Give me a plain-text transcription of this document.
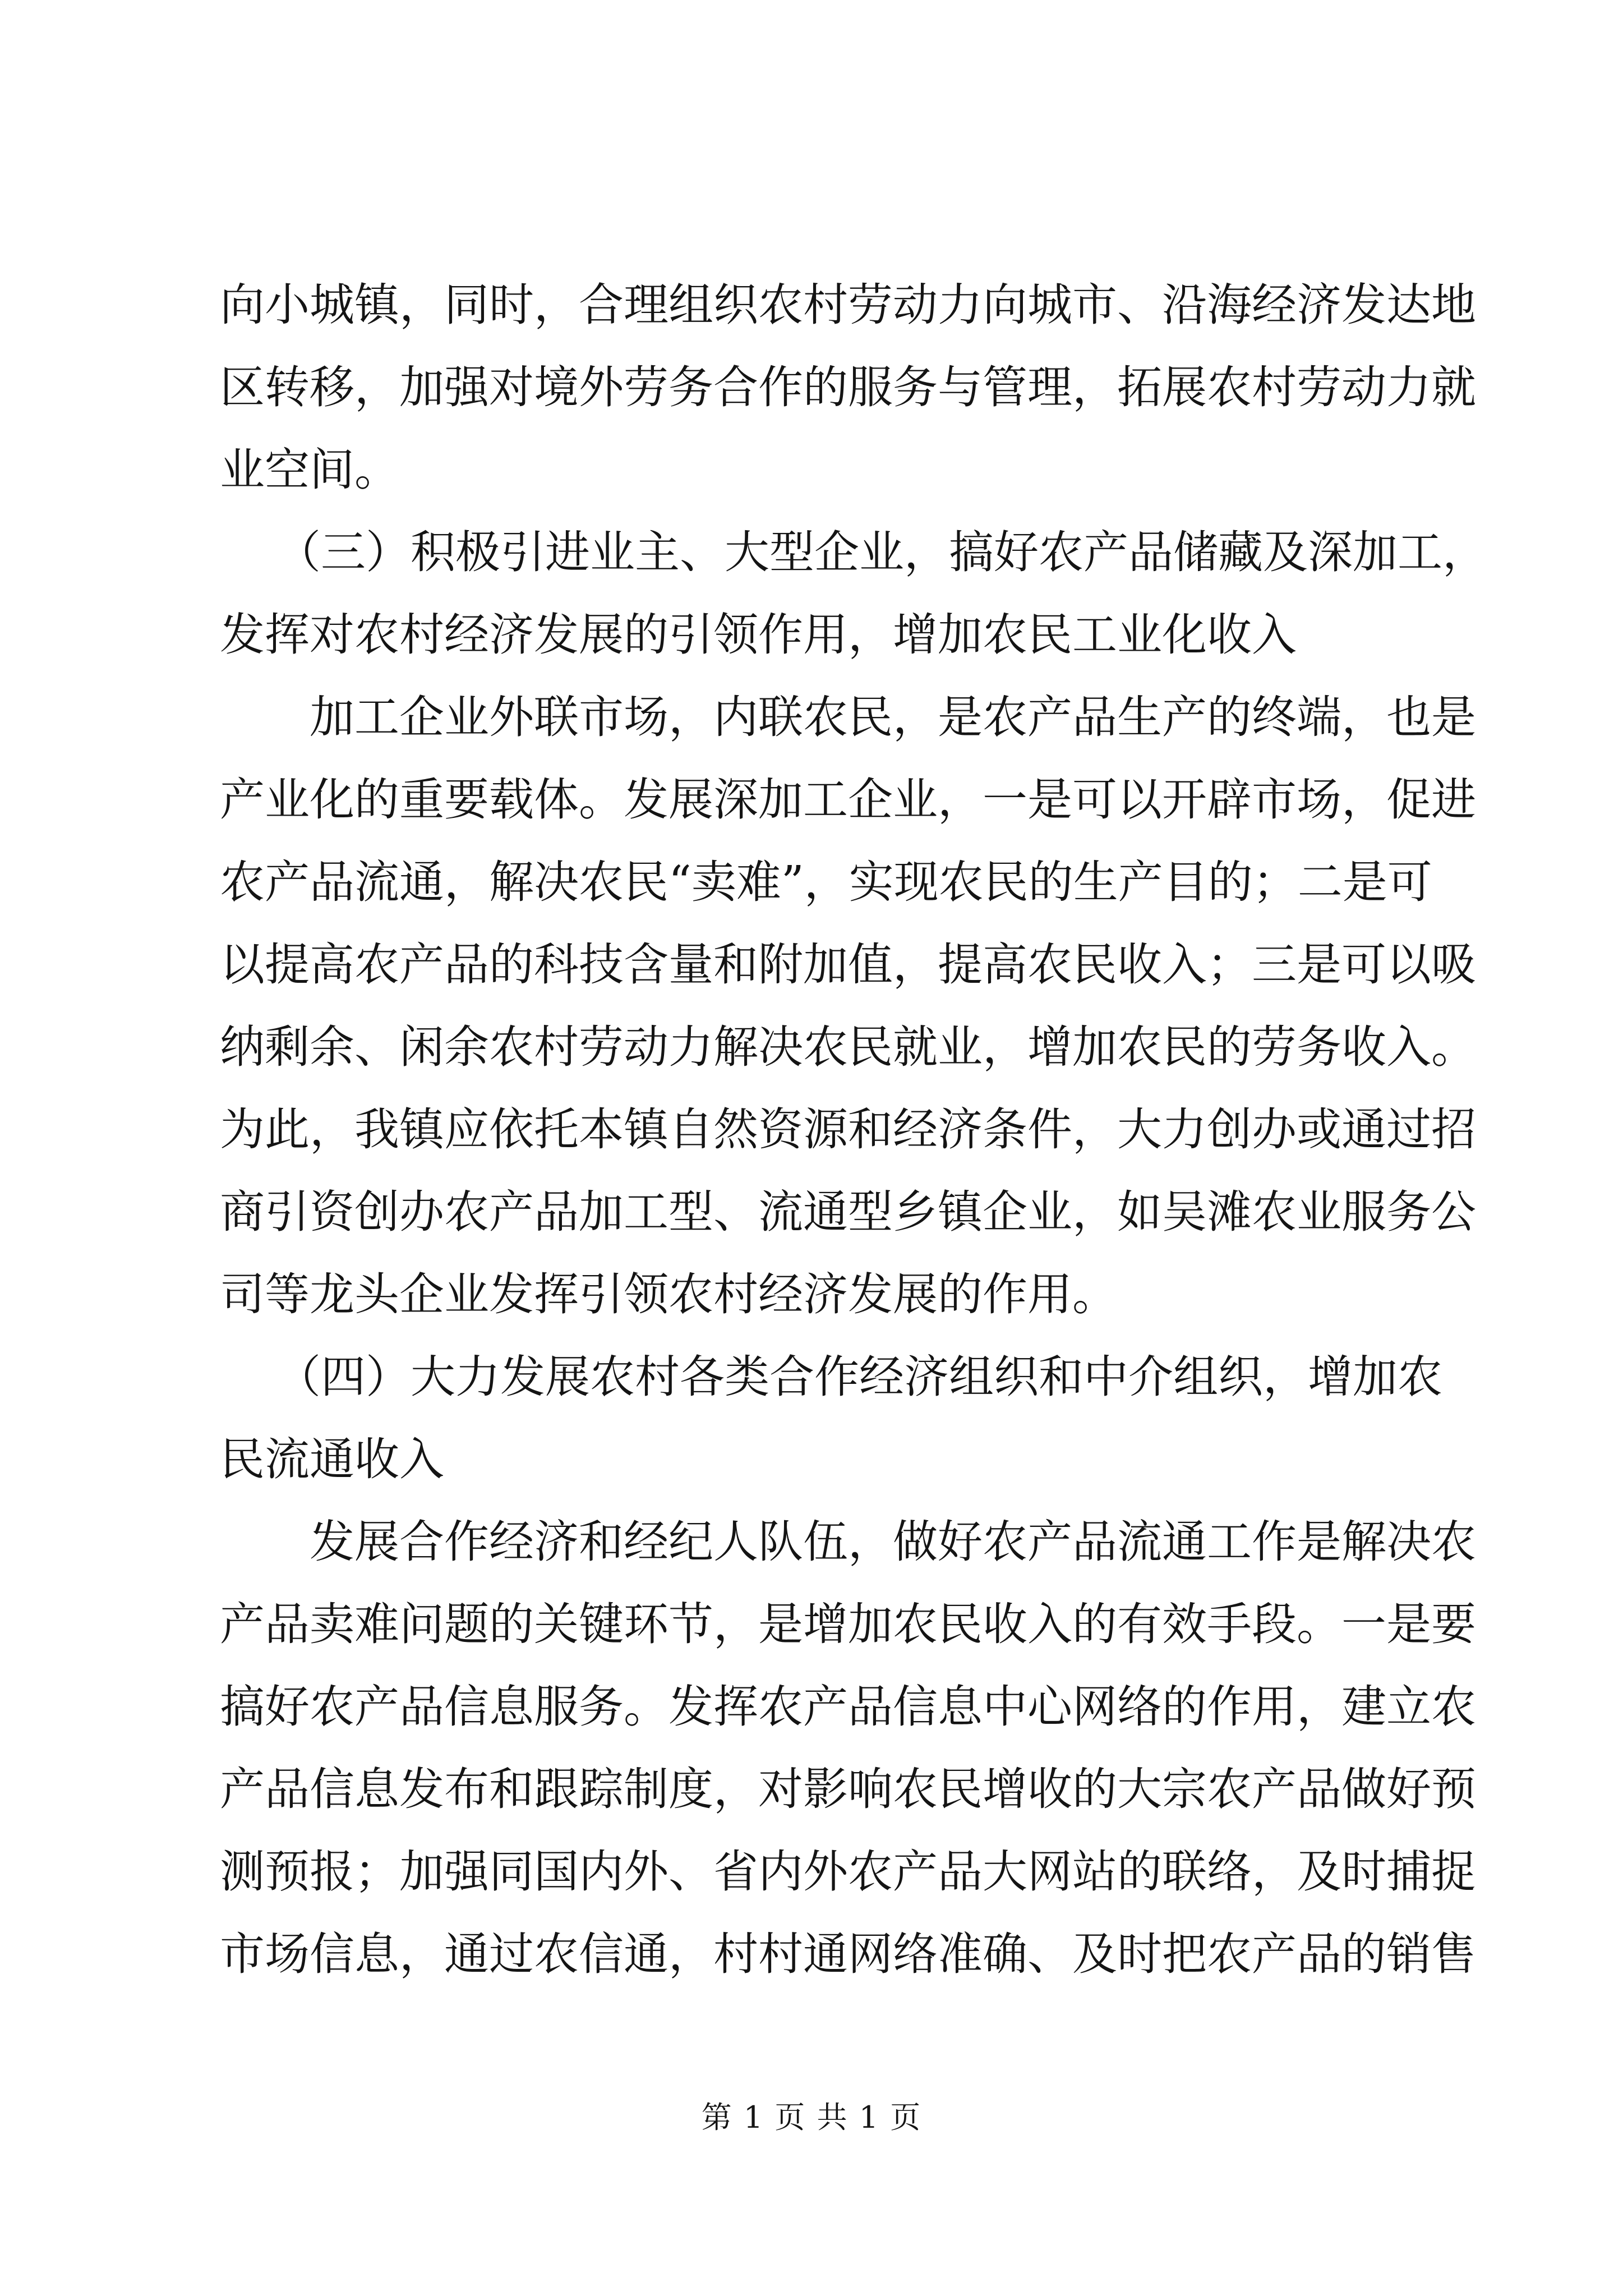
向小城镇，同时，合理组织农村劳动力向城市、沿海经济发达地
区转移，加强对境外劳务合作的服务与管理，拓展农村劳动力就
业空间。
（三）积极引进业主、大型企业，搞好农产品储藏及深加工，
发挥对农村经济发展的引领作用，增加农民工业化收入
加工企业外联市场，内联农民，是农产品生产的终端，也是
产业化的重要载体。发展深加工企业，一是可以开辟市场，促进
农产品流通，解决农民“卖难”，实现农民的生产目的；二是可
以提高农产品的科技含量和附加值，提高农民收入；三是可以吸
纳剩余、闲余农村劳动力解决农民就业，增加农民的劳务收入。
为此，我镇应依托本镇自然资源和经济条件，大力创办或通过招
商引资创办农产品加工型、流通型乡镇企业，如吴滩农业服务公
司等龙头企业发挥引领农村经济发展的作用。
（四）大力发展农村各类合作经济组织和中介组织，增加农
民流通收入
发展合作经济和经纪人队伍，做好农产品流通工作是解决农
产品卖难问题的关键环节，是增加农民收入的有效手段。一是要
搞好农产品信息服务。发挥农产品信息中心网络的作用，建立农
产品信息发布和跟踪制度，对影响农民增收的大宗农产品做好预
测预报；加强同国内外、省内外农产品大网站的联络，及时捕捉
市场信息，通过农信通，村村通网络准确、及时把农产品的销售
第 1 页 共 1 页
